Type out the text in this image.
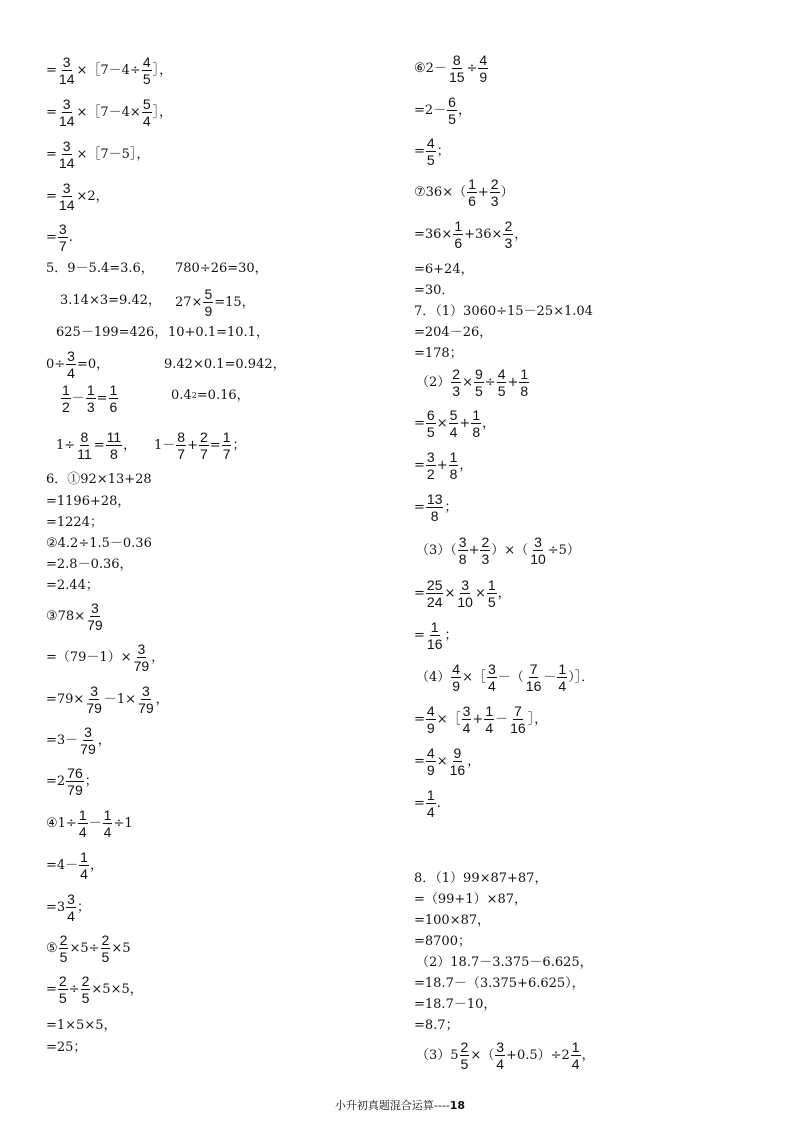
= $\frac{3}{14}$ ×［7－4÷ $\frac{4}{5}$ ］，
= $\frac{3}{14}$ ×［7－4× $\frac{5}{4}$ ］，
= $\frac{3}{14}$ ×［7－5］，
= $\frac{3}{14} \times 2$，
= $\frac{3}{7}$ .
5．9－5.4=3.6， 780÷26=30，
3.14×3=9.42， $27\times \frac{5}{9} =15$，
625－199=426， 10+0.1=10.1，
$0\div \frac{3}{4} =0$，	9.42×0.1=0.942，
$\frac{1}{2} - \frac{1}{3} = \frac{1}{6}$	0.4 2 =0.16，
$1\div \frac{8}{11} = \frac{11}{8}$ ， $1- \frac{8}{7} + \frac{2}{7} = \frac{1}{7}$ ；
6．①92×13+28
=1196+28，
=1224；
②4.2÷1.5－0.36
=2.8－0.36，
=2.44；
③78× $\frac{3}{79}$
$=(79-1)\times \frac{3}{79}$ ，
$=79\times \frac{3}{79} -1\times \frac{3}{79}$ ，
$=3- \frac{3}{79}$ ，
$=2 \frac{76}{79}$ ；
④1÷ $\frac{1}{4} - \frac{1}{4} \div 1$
$=4- \frac{1}{4}$ ，
$=3 \frac{3}{4}$ ；
⑤ $\frac{2}{5} \times 5\div \frac{2}{5} \times 5$
= $\frac{2}{5} \div \frac{2}{5} \times 5\times 5$，
=1×5×5，
=25；
⑥2－ $\frac{8}{15} \div \frac{4}{9}$
$=2- \frac{6}{5}$ ，
= $\frac{4}{5}$ ；
⑦36×（ $\frac{1}{6} + \frac{2}{3}$ ）
$=36\times \frac{1}{6} +36\times \frac{2}{3}$ ，
=6+24，
=30．
7．（1）3060÷15－25×1.04
=204－26，
=178；
$(2) \frac{2}{3} \times \frac{9}{5} \div \frac{4}{5} + \frac{1}{8}$
= $\frac{6}{5} \times \frac{5}{4} + \frac{1}{8}$ ，
= $\frac{3}{2} + \frac{1}{8}$ ，
= $\frac{13}{8}$ ；
$(3)( \frac{3}{8} + \frac{2}{3}$ ）×（ $\frac{3}{10} \div 5$）
= $\frac{25}{24} \times \frac{3}{10} \times \frac{1}{5}$ ，
= $\frac{1}{16}$ ；
$(4) \frac{4}{9}$ ×［ $\frac{3}{4}$ －（ $\frac{7}{16} - \frac{1}{4}$ ）］．
= $\frac{4}{9}$ ×［ $\frac{3}{4} + \frac{1}{4} - \frac{7}{16}$ ］，
= $\frac{4}{9} \times \frac{9}{16}$ ，
= $\frac{1}{4}$ .
8．（1）99×87+87，
=（99+1）×87，
=100×87，
=8700；
（2）18.7－3.375－6.625，
=18.7－（3.375+6.625），
=18.7－10，
=8.7；
$(3)5 \frac{2}{5}$ ×（ $\frac{3}{4} +0.5)\div 2 \frac{1}{4}$ ，
小升初真题混合运算----18
